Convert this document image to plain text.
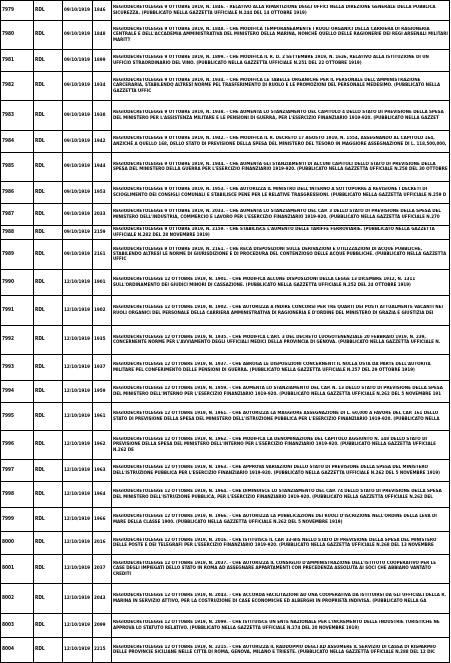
7979	RDL	09/10/1919	1846	REGIODECRETOLEGGE 9 OTTOBRE 1919, N. 1846. - RELATIVO ALLA RIPARTIZIONE DEGLI UFFICI NELLA DIREZIONE GENERALE DELLA PUBBLICA SICUREZZA. (PUBBLICATO NELLA GAZZETTA UFFICIALE N.244 DEL 14 OTTOBRE 1919)

7980	RDL	09/10/1919	1848	REGIODECRETOLEGGE 9 OTTOBRE 1919, N. 1848. - CHE MODIFICA TEMPORANEAMENTE I RUOLI ORGANICI DELLA CARRIERA DI RAGIONERIA CENTRALE E DELL'ACCADEMIA AMMINISTRATIVA DEL MINISTERO DELLA MARINA, NONCHÈ QUELLO DELLE RAGIONERIE DEI REGI ARSENALI MILITARI MARITT

7981	RDL	09/10/1919	1899	REGIODECRETOLEGGE 9 OTTOBRE 1919, N. 1899. - CHE MODIFICA IL R. D. 2 SETTEMBRE 1919, N. 1636, RELATIVO ALLA ISTITUZIONE DI UN UFFICIO STRAORDINARIO DEL VINO. (PUBBLICATO NELLA GAZZETTA UFFICIALE N.251 DEL 22 OTTOBRE 1919)

7982	RDL	09/10/1919	1934	REGIODECRETOLEGGE 9 OTTOBRE 1919, N. 1934. - CHE MODIFICA LE TABELLE ORGANICHE PER IL PERSONALE DELL'AMMINISTRAZIONE CARCERARIA, STABILENDO ALTRESÌ NORME PEL TRASFERIMENTO DI RUOLO E LE PROMOZIONI DEL PERSONALE MEDESIMO. (PUBBLICATO NELLA GAZZETTA UFFIC

7983	RDL	09/10/1919	1938	REGIODECRETOLEGGE 9 OTTOBRE 1919, N. 1938. - CHE AUMENTA LO STANZIAMENTO DEL CAPITOLO 4 DELLO STATO DI PREVISIONE DELLA SPESA DEL MINISTERO PER L'ASSISTENZA MILITARE E LE PENSIONI DI GUERRA, PER L'ESERCIZIO FINANZIARIO 1919-920. (PUBBLICATO NELLA GAZZET

7984	RDL	09/10/1919	1942	REGIODECRETOLEGGE 9 OTTOBRE 1919, N. 1942. - CHE MODIFICA IL R. DECRETO 17 AGOSTO 1919, N. 1554, ASSEGNANDO AL CAPITOLO 164, ANZICHÈ A QUELLO 168, DELLO STATO DI PREVISIONE DELLA SPESA DEL MINISTERO DEL TESORO IN MAGGIORE ASSEGNAZIONE DI L. 118,500,000,

7985	RDL	09/10/1919	1944	REGIODECRETOLEGGE 9 OTTOBRE 1919, N. 1944. - CHE AUMENTA GLI STANZIAMENTI DI ALCUNI CAPITOLI DELLO STATO DI PREVISIONE DELLA SPESA DEL MINISTERO DELLA GUERRA PER L'ESERCIZIO FINANZIARIO 1919-920. (PUBBLICATO NELLA GAZZETTA UFFICIALE N.258 DEL 30 OTTOBRE

7986	RDL	09/10/1919	1953	REGIODECRETOLEGGE 9 OTTOBRE 1919, N. 1953. - CHE AUTORIZZA IL MINISTRO DELL'INTERNO A SOTTOPORRE A REVISIONE I DECRETI DI SCIOGLIMENTO DEI CONSIGLI COMUNALI E STABILISCE PENE PER LE RELATIVE TRASGRESSIONI. (PUBBLICATO NELLA GAZZETTA UFFICIALE N.259 D

7987	RDL	09/10/1919	2033	REGIODECRETOLEGGE 9 OTTOBRE 1919, N. 2033. - CHE AUMENTA LO STANZIAMENTO DEL CAP. 3 DELLO STATO DI PREVISIONE DELLA SPESA DEL MINISTERO DELL'INDUSTRIA, COMMERCIO E LAVORO PER L'ESERCIZIO FINANZIARIO 1919-920. (PUBBLICATO NELLA GAZZETTA UFFICIALE N.270

7988	RDL	09/10/1919	2159	REGIODECRETOLEGGE 9 OTTOBRE 1919, N. 2159. - CHE STABILISCE L'AUMENTO DELLE TARIFFE FERROVIARIE. (PUBBLICATO NELLA GAZZETTA UFFICIALE N.282 DEL 28 NOVEMBRE 1919)

7989	RDL	09/10/1919	2161	REGIODECRETOLEGGE 9 OTTOBRE 1919, N. 2161. - CHE RECA DISPOSIZIONI SULLE DERIVAZIONI E UTILIZZAZIONI DI ACQUE PUBBLICHE, STABILENDO ALTRESÌ LE NORME DI GIURISDIZIONE E DI PROCEDURA DEL CONTENZIOSO DELLE ACQUE PUBBLICHE. (PUBBLICATO NELLA GAZZETTA UFFIC

7990	RDL	12/10/1919	1901	REGIODECRETOLEGGE 12 OTTOBRE 1919, N. 1901. - CHE MODIFICA ALCUNE DISPOSIZIONI DELLA LEGGE 13 DICEMBRE 1912, N. 1311 SULL'ORDINAMENTO DEI GIUDICI MINORI DI CASSAZIONE. (PUBBLICATO NELLA GAZZETTA UFFICIALE N.252 DEL 24 OTTOBRE 1919)

7991	RDL	12/10/1919	1902	REGIODECRETOLEGGE 12 OTTOBRE 1919, N. 1902. - CHE AUTORIZZA A INDIRE CONCORSI PER TRE QUARTI DEI POSTI ATTUALMENTE VACANTI NEI RUOLI ORGANICI DEL PERSONALE DELLA CARRIERA AMMINISTRATIVA DI RAGIONERIA E D'ORDINE DEL MINISTERO DI GRAZIA E GIUSTIZIA DEI

7992	RDL	12/10/1919	1935	REGIODECRETOLEGGE 12 OTTOBRE 1919, N. 1935. - CHE MODIFICA L'ART. 3 DEL DECRETO LUOGOTENENZIALE 20 FEBBRAIO 1919, N. 239, CONCERNENTE NORME PER L'AVVIAMENTO DEGLI UFFICIALI MEDICI DELLA PROVINCIA DI GENOVA. (PUBBLICATO NELLA GAZZETTA UFFICIALE N.

7993	RDL	12/10/1919	1937	REGIODECRETOLEGGE 12 OTTOBRE 1919, N. 1937. - CHE ABROGA LE DISPOSIZIONI CONCERNENTI IL NULLA OSTA DA PARTE DELL'AUTORITÀ MILITARE PEL CONFERIMENTO DELLE PENSIONI DI GUERRA. (PUBBLICATO NELLA GAZZETTA UFFICIALE N.257 DEL 29 OTTOBRE 1919)

7994	RDL	12/10/1919	1959	REGIODECRETOLEGGE 12 OTTOBRE 1919, N. 1959. - CHE AUMENTA LO STANZIAMENTO DEL CAP. N. 13 DELLO STATO DI PREVISIONE DELLA SPESA DEL MINISTERO DELL'INTERNO PER L'ESERCIZIO FINANZIARIO 1919-920. (PUBBLICATO NELLA GAZZETTA UFFICIALE N.262 DEL 5 NOVEMBRE 191

7995	RDL	12/10/1919	1961	REGIODECRETOLEGGE 12 OTTOBRE 1919, N. 1961. - CHE AUTORIZZA LA MAGGIORE ASSEGNAZIONE DI L. 60,000 A FAVORE DEL CAP. 161 DELLO STATO DI PREVISIONE DELLA SPESA DEL MINISTERO DELL'ISTRUZIONE PUBBLICA PER L'ESERCIZIO FINANZIARIO 1919-920. (PUBBLICATO NELLA

7996	RDL	12/10/1919	1962	REGIODECRETOLEGGE 12 OTTOBRE 1919, N. 1962. - CHE MODIFICA LA DENOMINAZIONE DEL CAPITOLO AGGIUNTO N. 148 DELLO STATO DI PREVISIONE DELLA SPESA DEL MINISTERO DELL'INTERNO PER L'ESERCIZIO FINANZIARIO 1919-920. (PUBBLICATO NELLA GAZZETTA UFFICIALE N.262 DE

7997	RDL	12/10/1919	1963	REGIODECRETOLEGGE 12 OTTOBRE 1919, N. 1963. - CHE APPROVA VARIAZIONI DELLO STATO DI PREVISIONE DELLA SPESA DEL MINISTERO DELL'ISTRUZIONE PUBBLICA PER L'ESERCIZIO FINANZIARIO 1919-920. (PUBBLICATO NELLA GAZZETTA UFFICIALE N.262 DEL 5 NOVEMBRE 1919)

7998	RDL	12/10/1919	1964	REGIODECRETOLEGGE 12 OTTOBRE 1919, N. 1964. - CHE DIMINUISCE LO STANZIAMENTO DEL CAP. 74 DELLO STATO DI PREVISIONE DELLA SPESA DEL MINISTERO DELL'ISTRUZIONE PUBBLICA, PER L'ESERCIZIO FINANZIARIO 1919-920. (PUBBLICATO NELLA GAZZETTA UFFICIALE N.262 DEL

7999	RDL	12/10/1919	1966	REGIODECRETOLEGGE 12 OTTOBRE 1919, N. 1966. - CHE AUTORIZZA LA PUBBLICAZIONE DEI RUOLI D'ISCRIZIONE NELL'ORDINE DELLA LEVA DI MARE DELLA CLASSE 1900. (PUBBLICATO NELLA GAZZETTA UFFICIALE N.262 DEL 5 NOVEMBRE 1919)

8000	RDL	12/10/1919	2016	REGIODECRETOLEGGE 12 OTTOBRE 1919, N. 2016. - CHE ISTITUISCE IL CAP. 33-BIS NELLO STATO DI PREVISIONE DELLA SPESA DEL MINISTERO DELLE POSTE E DEI TELEGRAFI PER L'ESERCIZIO FINANZIARIO 1919-920. (PUBBLICATO NELLA GAZZETTA UFFICIALE N.268 DEL 13 NOVEMBRE

8001	RDL	12/10/1919	2037	REGIODECRETOLEGGE 12 OTTOBRE 1919, N. 2037. - CHE AUTORIZZA IL CONSIGLIO D'AMMINISTRAZIONE DELL'ISTITUTO COOPERATIVO PER LE CASE DEGLI IMPIEGATI DELLO STATO IN ROMA AD ASSEGNARE APPARTAMENTI CON PRECEDENZA ASSOLUTA AI SOCI CHE ABBIANO VANTATO CREDITI

8002	RDL	12/10/1919	2043	REGIODECRETOLEGGE 12 OTTOBRE 1919, N. 2043. - CHE ACCORDA FACILITAZIONI AD UNA COOPERATIVA DA ISTITUIRSI DA GLI UFFICIALI DELLA R. MARINA IN SERVIZIO ATTIVO, PER LA COSTRUZIONE DI CASE ECONOMICHE ED ALBERGHI IN PROPRIETÀ INDIVISA. (PUBBLICATO NELLA GA

8003	RDL	12/10/1919	2099	REGIODECRETOLEGGE 12 OTTOBRE 1919, N. 2099. - CHE ISTITUISCE UN ENTE NAZIONALE PER L'INCREMENTO DELLE INDUSTRIE TURISTICHE NE APPROVA LO STATUTO RELATIVO. (PUBBLICATO NELLA GAZZETTA UFFICIALE N.274 DEL 20 NOVEMBRE 1919)

8004	RDL	12/10/1919	2215	REGIODECRETOLEGGE 12 OTTOBRE 1919, N. 2215. - CHE AUTORIZZA IL RADDOPPIO DEGLI AD ASSUMERE IL SERVIZIO DI CASSA DI RISPARMIO DELLE PROVINCIE SICILIANE NELLE CITTÀ DI ROMA, GENOVA, MILANO E TRIESTE. (PUBBLICATO NELLA GAZZETTA UFFICIALE N.288 DEL 12 DIC
